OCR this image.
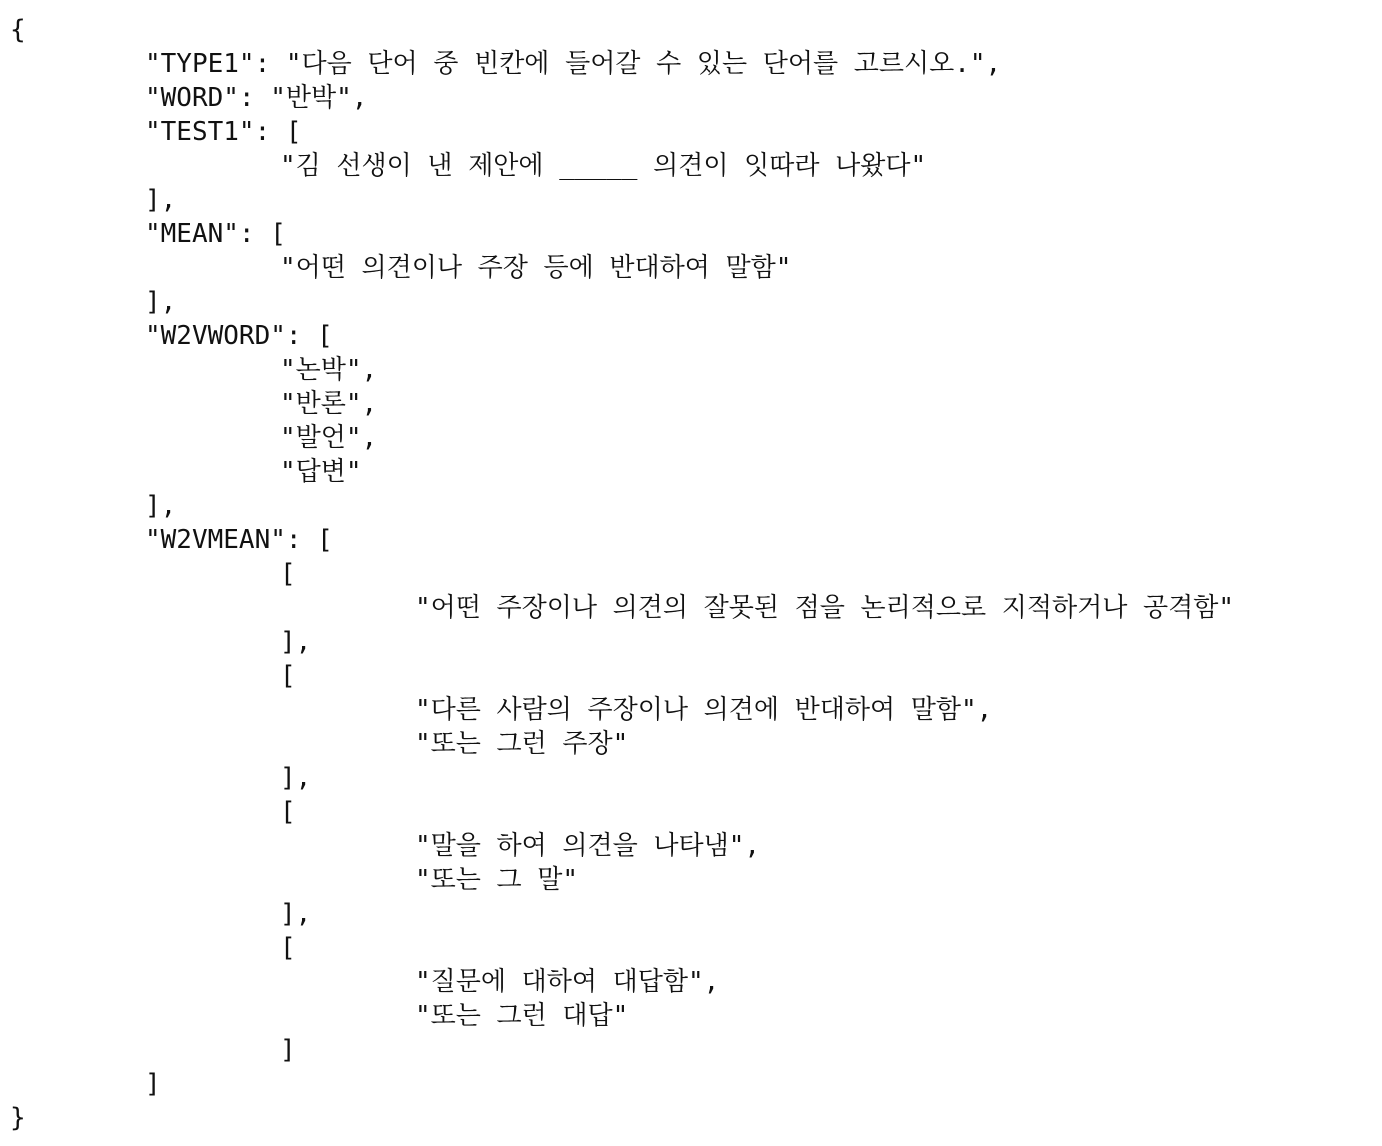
{
"TYPE1": "다음 단어 중 빈칸에 들어갈 수 있는 단어를 고르시오.",
"WORD": "반박",
"TEST1": [
"김 선생이 낸 제안에 _____ 의견이 잇따라 나왔다"
],
"MEAN": [
"어떤 의견이나 주장 등에 반대하여 말함"
],
"W2VWORD": [
"논박",
"반론",
"발언",
"답변"
],
"W2VMEAN": [
[
"어떤 주장이나 의견의 잘못된 점을 논리적으로 지적하거나 공격함"
],
[
"다른 사람의 주장이나 의견에 반대하여 말함",
"또는 그런 주장"
],
[
"말을 하여 의견을 나타냄",
"또는 그 말"
],
[
"질문에 대하여 대답함",
"또는 그런 대답"
]
]
}
